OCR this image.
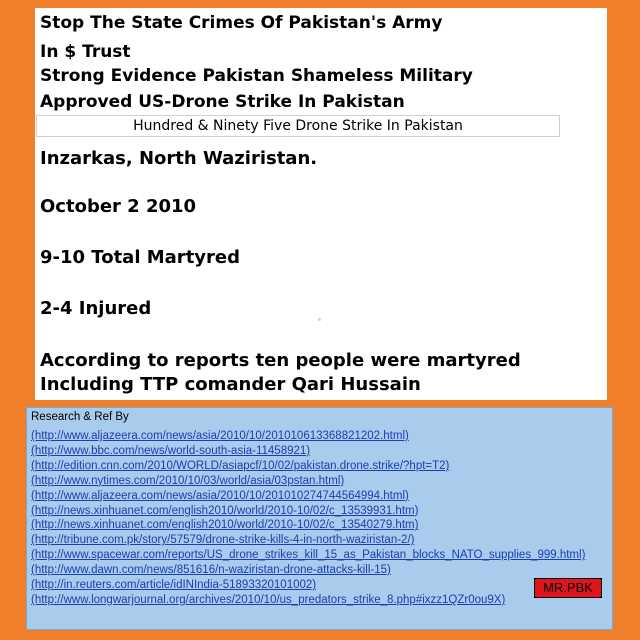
Stop The State Crimes Of Pakistan's Army
In $ Trust
Strong Evidence Pakistan Shameless Military
Approved US-Drone Strike In Pakistan
Hundred & Ninety Five Drone Strike In Pakistan
Inzarkas, North Waziristan.
October 2 2010
9-10 Total Martyred
2-4 Injured
According to reports ten people were martyred
Including TTP comander Qari Hussain
Research & Ref By
(http://www.aljazeera.com/news/asia/2010/10/2010106133688212​02.html)
(http://www.bbc.com/news/world-south-asia-11458921)
(http://edition.cnn.com/2010/WORLD/asiapcf/10/02/pakistan.drone.strike/?hpt=T2)
(http://www.nytimes.com/2010/10/03/world/asia/03pstan.html)
(http://www.aljazeera.com/news/asia/2010/10/201010274744564994.html)
(http://news.xinhuanet.com/english2010/world/2010-10/02/c_13539931.htm)
(http://news.xinhuanet.com/english2010/world/2010-10/02/c_13540279.htm)
(http://tribune.com.pk/story/57579/drone-strike-kills-4-in-north-waziristan-2/)
(http://www.spacewar.com/reports/US_drone_strikes_kill_15_as_Pakistan_blocks_NATO_supplies_999.html)
(http://www.dawn.com/news/851616/n-waziristan-drone-attacks-kill-15)
(http://in.reuters.com/article/idINIndia-51893320101002)
(http://www.longwarjournal.org/archives/2010/10/us_predators_strike_8.php#ixzz1QZr0ou9X)
MR.PBK
